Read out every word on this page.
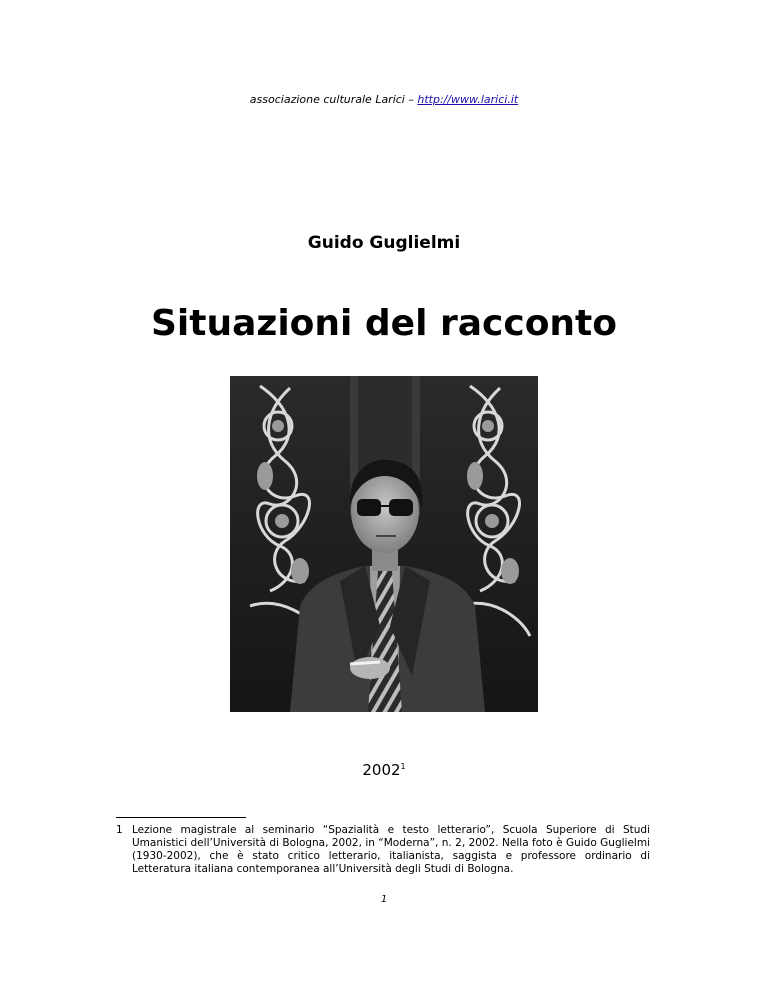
associazione culturale Larici – http://www.larici.it
Guido Guglielmi
Situazioni del racconto
2002$^1$
1 Lezione magistrale al seminario “Spazialità e testo letterario”, Scuola Superiore di Studi Umanistici dell’Università di Bologna, 2002, in “Moderna”, n. 2, 2002. Nella foto è Guido Guglielmi (1930-2002), che è stato critico letterario, italianista, saggista e professore ordinario di Letteratura italiana contemporanea all’Università degli Studi di Bologna.
1
